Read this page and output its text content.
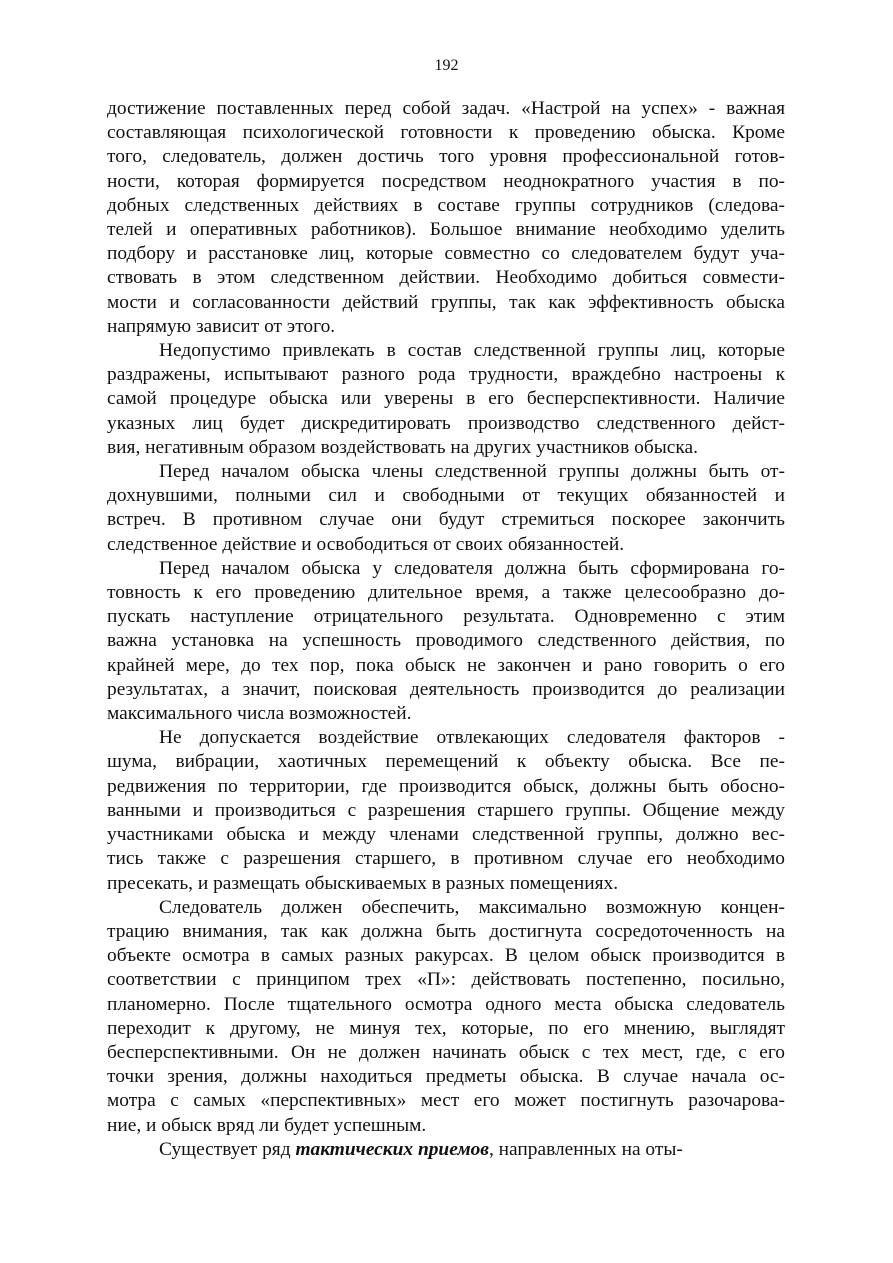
192

достижение поставленных перед собой задач. «Настрой на успех» - важная
составляющая психологической готовности к проведению обыска. Кроме
того, следователь, должен достичь того уровня профессиональной готов-
ности, которая формируется посредством неоднократного участия в по-
добных следственных действиях в составе группы сотрудников (следова-
телей и оперативных работников). Большое внимание необходимо уделить
подбору и расстановке лиц, которые совместно со следователем будут уча-
ствовать в этом следственном действии. Необходимо добиться совмести-
мости и согласованности действий группы, так как эффективность обыска
напрямую зависит от этого.

Недопустимо привлекать в состав следственной группы лиц, которые
раздражены, испытывают разного рода трудности, враждебно настроены к
самой процедуре обыска или уверены в его бесперспективности. Наличие
указных лиц будет дискредитировать производство следственного дейст-
вия, негативным образом воздействовать на других участников обыска.

Перед началом обыска члены следственной группы должны быть от-
дохнувшими, полными сил и свободными от текущих обязанностей и
встреч. В противном случае они будут стремиться поскорее закончить
следственное действие и освободиться от своих обязанностей.

Перед началом обыска у следователя должна быть сформирована го-
товность к его проведению длительное время, а также целесообразно до-
пускать наступление отрицательного результата. Одновременно с этим
важна установка на успешность проводимого следственного действия, по
крайней мере, до тех пор, пока обыск не закончен и рано говорить о его
результатах, а значит, поисковая деятельность производится до реализации
максимального числа возможностей.

Не допускается воздействие отвлекающих следователя факторов -
шума, вибрации, хаотичных перемещений к объекту обыска. Все пе-
редвижения по территории, где производится обыск, должны быть обосно-
ванными и производиться с разрешения старшего группы. Общение между
участниками обыска и между членами следственной группы, должно вес-
тись также с разрешения старшего, в противном случае его необходимо
пресекать, и размещать обыскиваемых в разных помещениях.

Следователь должен обеспечить, максимально возможную концен-
трацию внимания, так как должна быть достигнута сосредоточенность на
объекте осмотра в самых разных ракурсах. В целом обыск производится в
соответствии с принципом трех «П»: действовать постепенно, посильно,
планомерно. После тщательного осмотра одного места обыска следователь
переходит к другому, не минуя тех, которые, по его мнению, выглядят
бесперспективными. Он не должен начинать обыск с тех мест, где, с его
точки зрения, должны находиться предметы обыска. В случае начала ос-
мотра с самых «перспективных» мест его может постигнуть разочарова-
ние, и обыск вряд ли будет успешным.

Существует ряд тактических приемов, направленных на оты-
